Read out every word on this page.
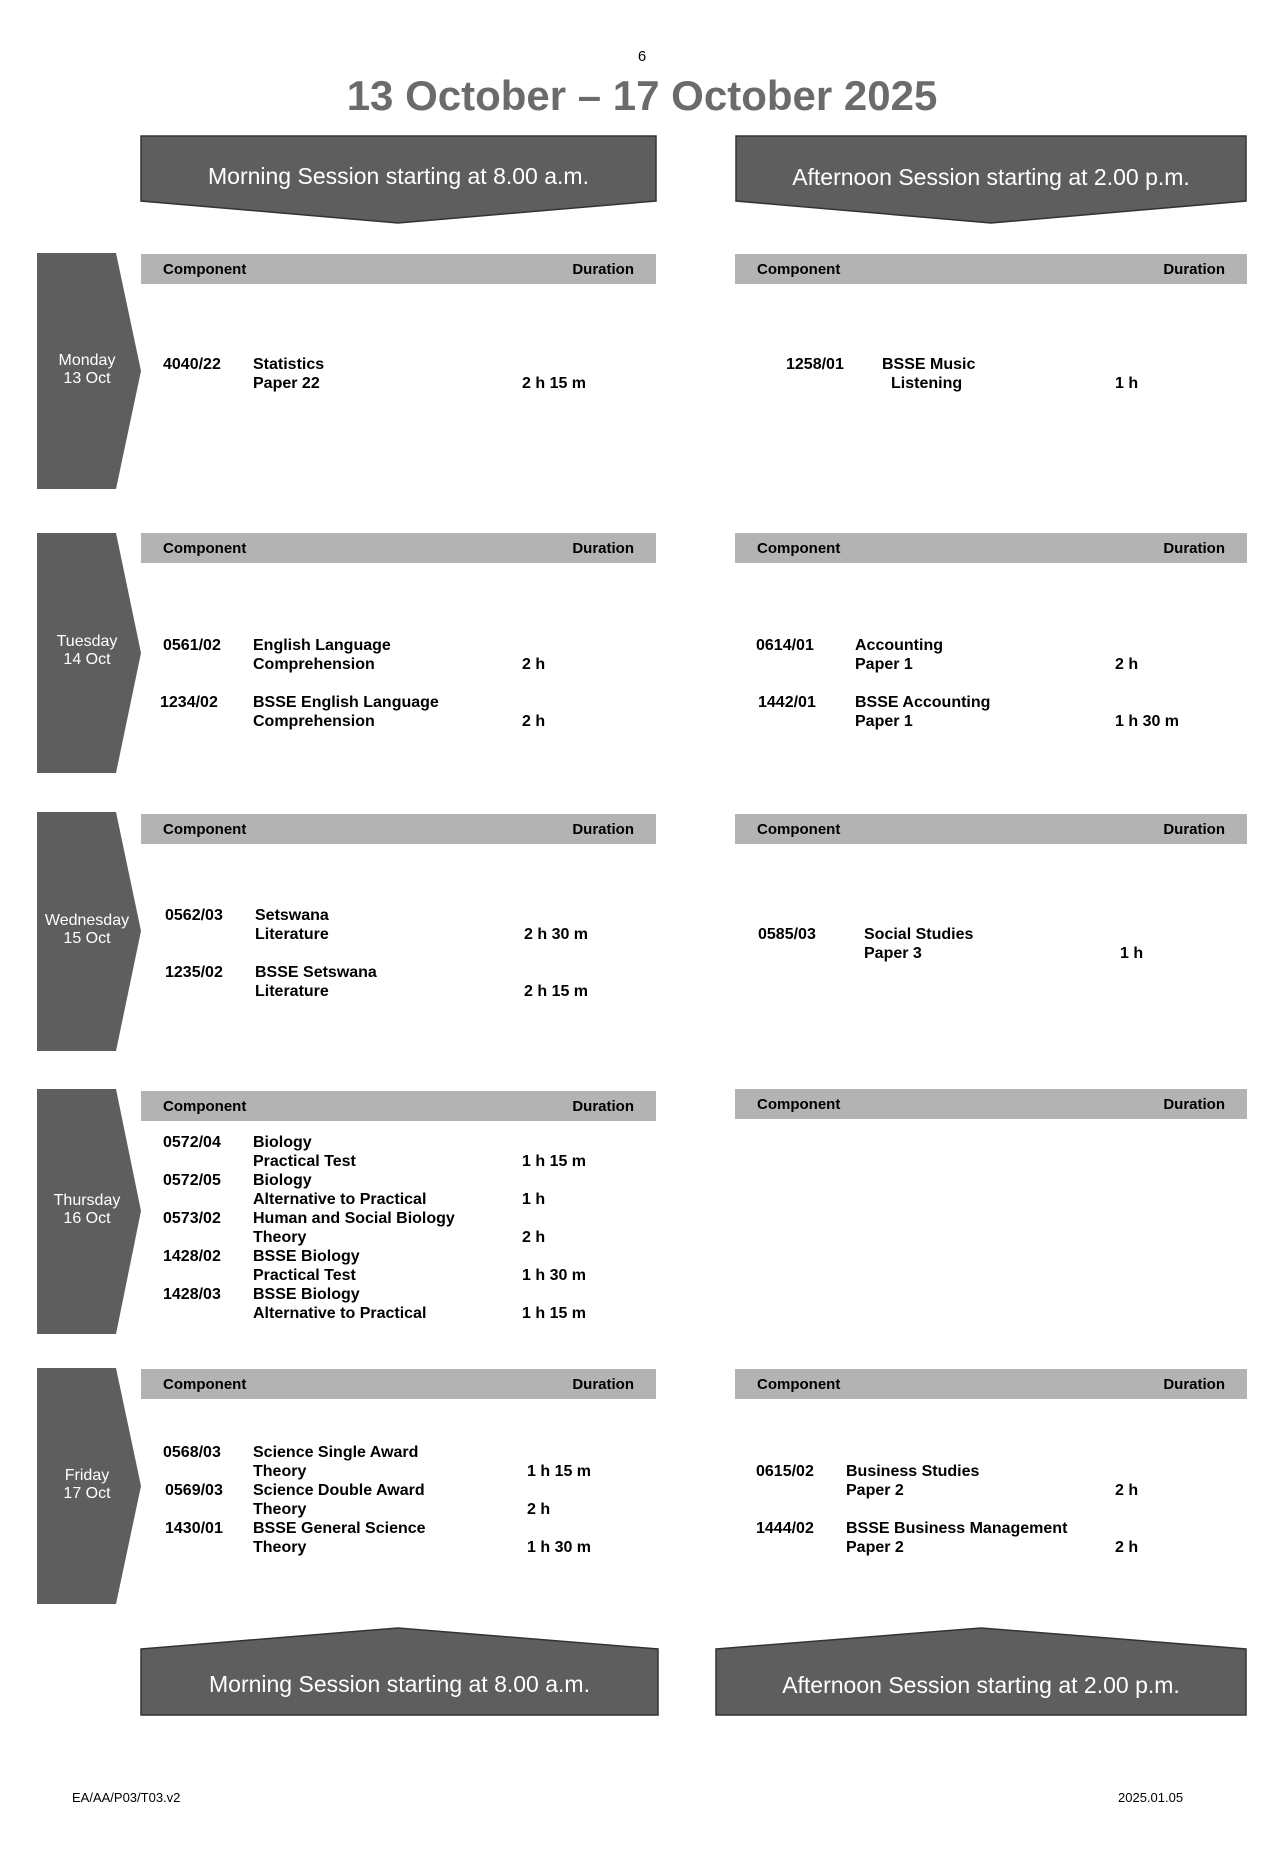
6
13 October – 17 October 2025
Morning Session starting at 8.00 a.m.	Afternoon Session starting at 2.00 p.m.
Monday
13 Oct
Component	Duration	Component	Duration
4040/22 Statistics
Paper 22	2 h 15 m
1258/01 BSSE Music
Listening	1 h
Tuesday
14 Oct
Component	Duration	Component	Duration
0561/02 English Language
Comprehension	2 h
1234/02 BSSE English Language
Comprehension	2 h
0614/01	Accounting
Paper 1	2 h
1442/01 BSSE Accounting
Paper 1	1 h 30 m
Wednesday
15 Oct
Component	Duration	Component	Duration
0562/03 Setswana
Literature	2 h 30 m
1235/02 BSSE Setswana
Literature	2 h 15 m
0585/03	Social Studies
Paper 3	1 h
Thursday
16 Oct
Component	Duration	Component	Duration
0572/04 Biology
Practical Test	1 h 15 m
0572/05 Biology
Alternative to Practical	1 h
0573/02 Human and Social Biology
Theory	2 h
1428/02 BSSE Biology
Practical Test	1 h 30 m
1428/03 BSSE Biology
Alternative to Practical	1 h 15 m
Friday
17 Oct
Component	Duration	Component	Duration
0568/03 Science Single Award
Theory	1 h 15 m
0569/03 Science Double Award
Theory	2 h
1430/01 BSSE General Science
Theory	1 h 30 m
0615/02 Business Studies
Paper 2	2 h
1444/02 BSSE Business Management
Paper 2	2 h
Morning Session starting at 8.00 a.m.	Afternoon Session starting at 2.00 p.m.
EA/AA/P03/T03.v2	2025.01.05
